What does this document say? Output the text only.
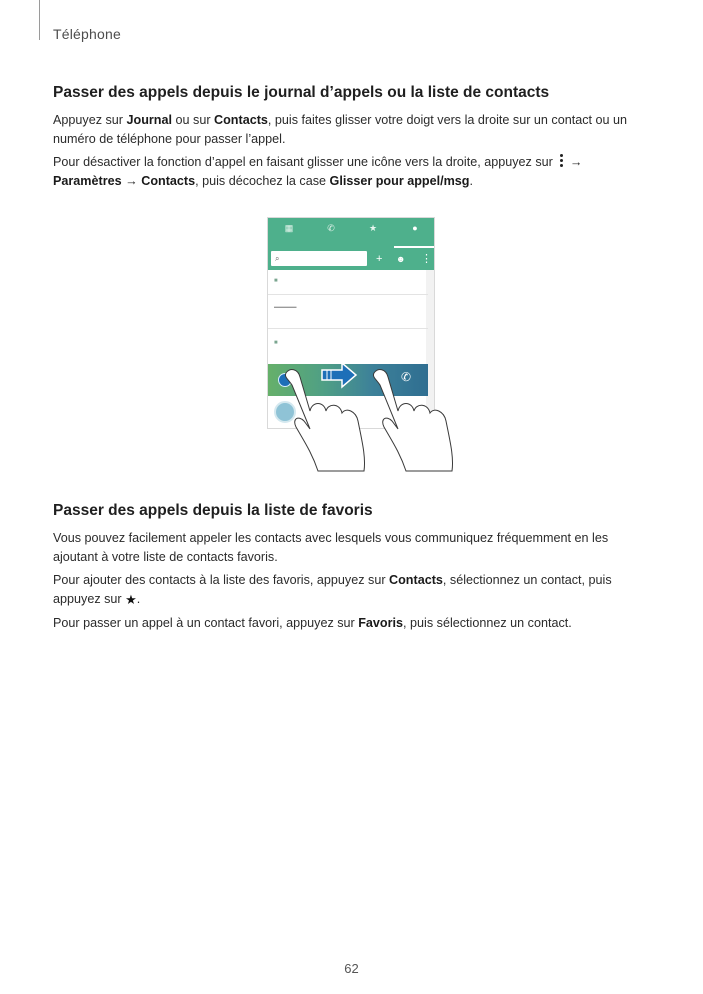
Téléphone
Passer des appels depuis le journal d’appels ou la liste de contacts

Appuyez sur Journal ou sur Contacts, puis faites glisser votre doigt vers la droite sur un contact ou un numéro de téléphone pour passer l’appel.

Pour désactiver la fonction d’appel en faisant glisser une icône vers la droite, appuyez sur
→
Paramètres → Contacts, puis décochez la case Glisser pour appel/msg.

▦	✆	★	●
⌕	+ ☻ ⋮
■
▬▬▬▬▬
■
✆
Passer des appels depuis la liste de favoris

Vous pouvez facilement appeler les contacts avec lesquels vous communiquez fréquemment en les ajoutant à votre liste de contacts favoris.

Pour ajouter des contacts à la liste des favoris, appuyez sur Contacts, sélectionnez un contact, puis appuyez sur ★.

Pour passer un appel à un contact favori, appuyez sur Favoris, puis sélectionnez un contact.

62
